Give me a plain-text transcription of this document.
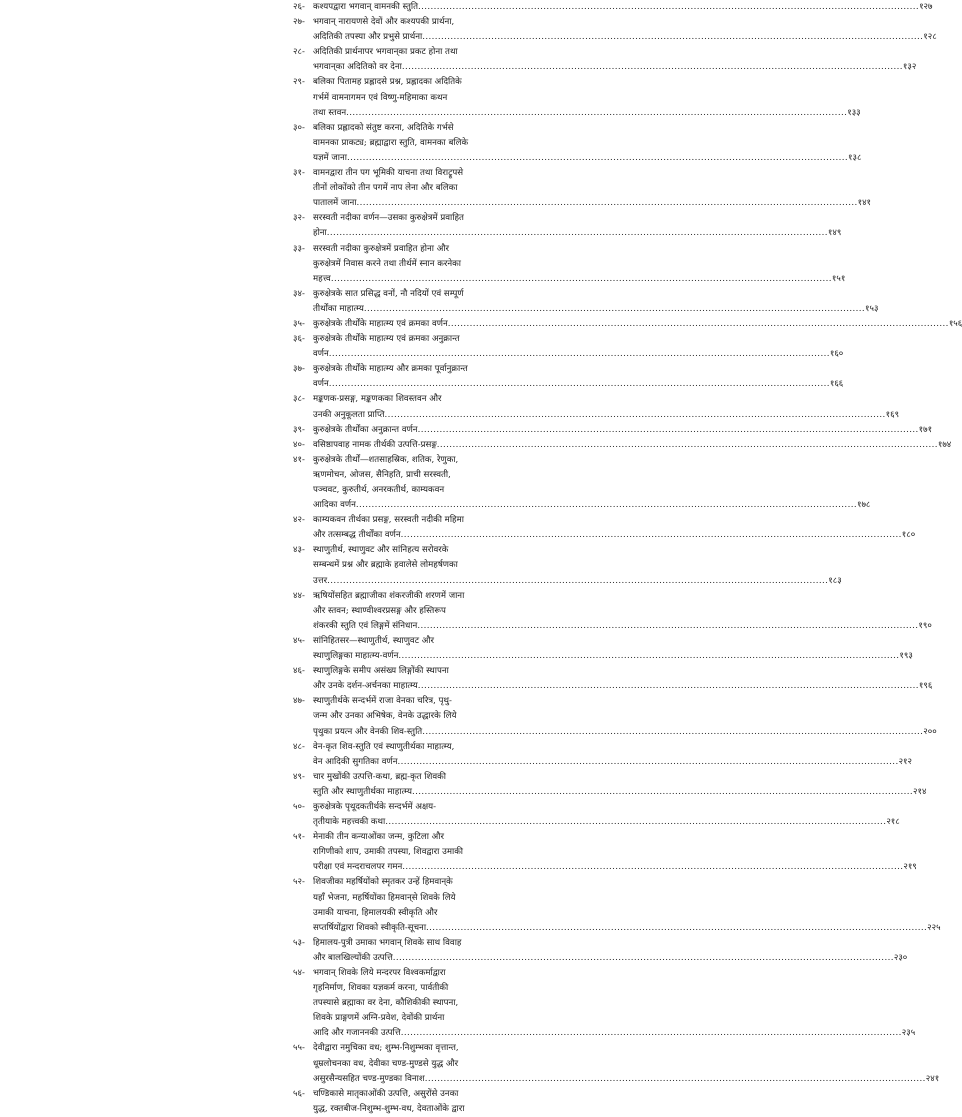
२६- कश्यपद्वारा भगवान् वामनकी स्तुति ................................................................................................................................................................ १२७
२७- भगवान् नारायणसे देवों और कश्यपकी प्रार्थना,
अदितिकी तपस्या और प्रभुसे प्रार्थना ................................................................................................................................................................ १२८
२८- अदितिकी प्रार्थनापर भगवान्‌का प्रकट होना तथा
भगवान्‌का अदितिको वर देना ................................................................................................................................................................ १३२
२९- बलिका पितामह प्रह्लादसे प्रश्न, प्रह्लादका अदितिके
गर्भमें वामनागमन एवं विष्णु-महिमाका कथन
तथा स्तवन ................................................................................................................................................................ १३३
३०- बलिका प्रह्लादको संतुष्ट करना, अदितिके गर्भसे
वामनका प्राकट्य; ब्रह्माद्वारा स्तुति, वामनका बलिके
यज्ञमें जाना ................................................................................................................................................................ १३८
३१- वामनद्वारा तीन पग भूमिकी याचना तथा विराट्रूपसे
तीनों लोकोंको तीन पगमें नाप लेना और बलिका
पातालमें जाना ................................................................................................................................................................ १४१
३२- सरस्वती नदीका वर्णन—उसका कुरुक्षेत्रमें प्रवाहित
होना ................................................................................................................................................................ १४९
३३- सरस्वती नदीका कुरुक्षेत्रमें प्रवाहित होना और
कुरुक्षेत्रमें निवास करने तथा तीर्थमें स्नान करनेका
महत्त्व ................................................................................................................................................................ १५१
३४- कुरुक्षेत्रके सात प्रसिद्ध वनों, नौ नदियों एवं सम्पूर्ण
तीर्थोंका माहात्म्य ................................................................................................................................................................ १५३
३५- कुरुक्षेत्रके तीर्थोंके माहात्म्य एवं क्रमका वर्णन ................................................................................................................................................................ १५६
३६- कुरुक्षेत्रके तीर्थोंके माहात्म्य एवं क्रमका अनुक्रान्त
वर्णन ................................................................................................................................................................ १६०
३७- कुरुक्षेत्रके तीर्थोंके माहात्म्य और क्रमका पूर्वानुक्रान्त
वर्णन ................................................................................................................................................................ १६६
३८- मङ्कणक-प्रसङ्ग, मङ्कणकका शिवस्तवन और
उनकी अनुकूलता प्राप्ति ................................................................................................................................................................ १६९
३९- कुरुक्षेत्रके तीर्थोंका अनुक्रान्त वर्णन ................................................................................................................................................................ १७१
४०- वसिष्ठापवाह नामक तीर्थकी उत्पत्ति-प्रसङ्ग ................................................................................................................................................................ १७४
४१- कुरुक्षेत्रके तीर्थों—शतसाहस्रिक, शतिक, रेणुका,
ऋणमोचन, ओजस, सैनिहति, प्राची सरस्वती,
पञ्चवट, कुरुतीर्थ, अनरकतीर्थ, काम्यकवन
आदिका वर्णन ................................................................................................................................................................ १७८
४२- काम्यकवन तीर्थका प्रसङ्ग, सरस्वती नदीकी महिमा
और तत्सम्बद्ध तीर्थोंका वर्णन ................................................................................................................................................................ १८०
४३- स्थाणुतीर्थ, स्थाणुवट और सांनिहत्य सरोवरके
सम्बन्धमें प्रश्न और ब्रह्माके हवालेसे लोमहर्षणका
उत्तर ................................................................................................................................................................ १८३
४४- ऋषियोंसहित ब्रह्माजीका शंकरजीकी शरणमें जाना
और स्तवन; स्थाण्वीश्वरप्रसङ्ग और हस्तिरूप
शंकरकी स्तुति एवं लिङ्गमें संनिधान ................................................................................................................................................................ १९०
४५- सांनिहितसर—स्थाणुतीर्थ, स्थाणुवट और
स्थाणुलिङ्गका माहात्म्य-वर्णन ................................................................................................................................................................ १९३
४६- स्थाणुलिङ्गके समीप असंख्य लिङ्गोंकी स्थापना
और उनके दर्शन-अर्चनका माहात्म्य ................................................................................................................................................................ १९६
४७- स्थाणुतीर्थके सन्दर्भमें राजा वेनका चरित्र, पृथु-
जन्म और उनका अभिषेक, वेनके उद्धारके लिये
पृथुका प्रयत्न और वेनकी शिव-स्तुति ................................................................................................................................................................ २००
४८- वेन-कृत शिव-स्तुति एवं स्थाणुतीर्थका माहात्म्य,
वेन आदिकी सुगतिका वर्णन ................................................................................................................................................................ २१२
४९- चार मुखोंकी उत्पत्ति-कथा, ब्रह्म-कृत शिवकी
स्तुति और स्थाणुतीर्थका माहात्म्य ................................................................................................................................................................ २१४
५०- कुरुक्षेत्रके पृथूदकतीर्थके सन्दर्भमें अक्षय-
तृतीयाके महत्त्वकी कथा ................................................................................................................................................................ २१८
५१- मेनाकी तीन कन्याओंका जन्म, कुटिला और
रागिणीको शाप, उमाकी तपस्या, शिवद्वारा उमाकी
परीक्षा एवं मन्दराचलपर गमन ................................................................................................................................................................ २१९
५२- शिवजीका महर्षियोंको स्मृतकर उन्हें हिमवान्‌के
यहाँ भेजना, महर्षियोंका हिमवान्‌से शिवके लिये
उमाकी याचना, हिमालयकी स्वीकृति और
सप्तर्षियोंद्वारा शिवको स्वीकृति-सूचना ................................................................................................................................................................ २२५
५३- हिमालय-पुत्री उमाका भगवान् शिवके साथ विवाह
और बालखिल्योंकी उत्पत्ति ................................................................................................................................................................ २३०
५४- भगवान् शिवके लिये मन्दरपर विश्वकर्माद्वारा
गृहनिर्माण, शिवका यज्ञकर्म करना, पार्वतीकी
तपस्यासे ब्रह्माका वर देना, कौशिकीकी स्थापना,
शिवके प्राङ्गणमें अग्नि-प्रवेश, देवोंकी प्रार्थना
आदि और गजाननकी उत्पत्ति ................................................................................................................................................................ २३५
५५- देवीद्वारा नमुचिका वध; शुम्भ-निशुम्भका वृत्तान्त,
धूम्रलोचनका वध, देवीका चण्ड-मुण्डसे युद्ध और
असुरसैन्यसहित चण्ड-मुण्डका विनाश ................................................................................................................................................................ २४१
५६- चण्डिकासे मातृकाओंकी उत्पत्ति, असुरोंसे उनका
युद्ध, रक्तबीज-निशुम्भ-शुम्भ-वध, देवताओंके द्वारा
